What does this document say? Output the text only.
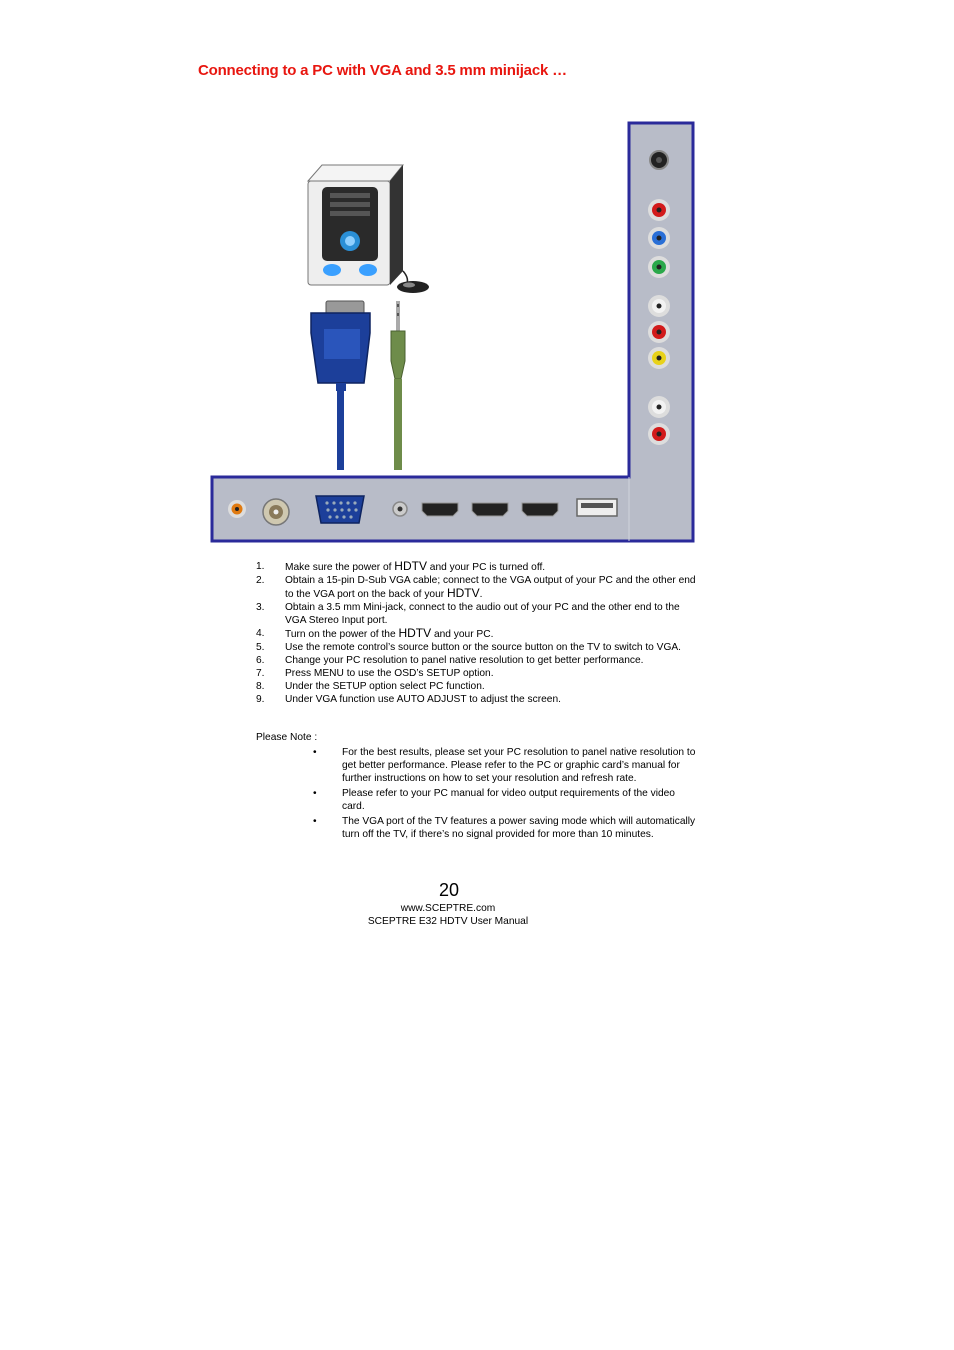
Connecting to a PC with VGA and 3.5 mm minijack …
1. Make sure the power of HDTV and your PC is turned off.
2. Obtain a 15-pin D-Sub VGA cable; connect to the VGA output of your PC and the other end to the VGA port on the back of your HDTV.
3. Obtain a 3.5 mm Mini-jack, connect to the audio out of your PC and the other end to the VGA Stereo Input port.
4. Turn on the power of the HDTV and your PC.
5. Use the remote control’s source button or the source button on the TV to switch to VGA.
6. Change your PC resolution to panel native resolution to get better performance.
7. Press MENU to use the OSD’s SETUP option.
8. Under the SETUP option select PC function.
9. Under VGA function use AUTO ADJUST to adjust the screen.
Please Note :
• For the best results, please set your PC resolution to panel native resolution to get better performance. Please refer to the PC or graphic card’s manual for further instructions on how to set your resolution and refresh rate.
• Please refer to your PC manual for video output requirements of the video card.
• The VGA port of the TV features a power saving mode which will automatically turn off the TV, if there’s no signal provided for more than 10 minutes.
20
www.SCEPTRE.com
SCEPTRE E32 HDTV User Manual
